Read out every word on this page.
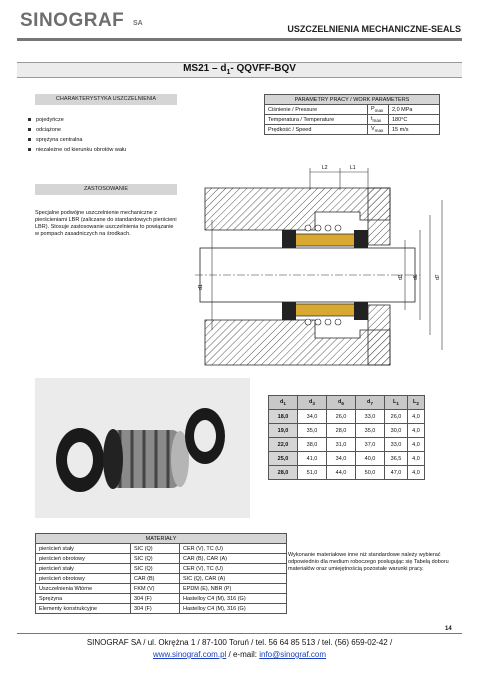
SINOGRAF SA
USZCZELNIENIA MECHANICZNE-SEALS
$MS21 - d_1-$ QQVFF-BQV
CHARAKTERYSTYKA USZCZELNIENIA
pojedyńcze
odciążone
sprężyna centralna
niezależne od kierunku obrotów wału
PARAMETRY PRACY / WORK PARAMETERS		
Ciśnienie / Pressure	$P_{max}$	2,0 MPa
Temperatura / Temperature	$t_{max}$	180°C
Prędkość / Speed	$V_{max}$	15 m/s
ZASTOSOWANIE
Specjalne podwójne uszczelnienie mechaniczne z pierścieniami LBR (zaliczane do standardowych pierścieni LBR). Stosuje zastosowanie uszczelnienia to powiązanie w pompach zasadniczych na środkach.
L2	L1
d1
d3 d6	d7
$d_1$	$d_3$	$d_6$	$d_7$	$L_1$	$L_2$
18,0	34,0	26,0	33,0	26,0	4,0
19,0	35,0	28,0	35,0	30,0	4,0
22,0	38,0	31,0	37,0	33,0	4,0
25,0	41,0	34,0	40,0	36,5	4,0
28,0	51,0	44,0	50,0	47,0	4,0
MATERIAŁY		
pierścień stały	SIC (Q)	CER (V), TC (U)
pierścień obrotowy	SIC (Q)	CAR (B), CAR (A)
pierścień stały	SIC (Q)	CER (V), TC (U)
pierścień obrotowy	CAR (B)	SIC (Q), CAR (A)
Uszczelnienia Wtórne	FKM (V)	EPDM (E), NBR (P)
Sprężyna	304 (F)	Hastelloy C4 (M), 316 (G)
Elementy konstrukcyjne	304 (F)	Hastelloy C4 (M), 316 (G)
Wykonanie materiałowe inne niż standardowe należy wybierać odpowiednio dla medium roboczego posługując się Tabelą doboru materiałów oraz umiejętnością pozostałe warunki pracy.
14
SINOGRAF SA / ul. Okrężna 1 / 87-100 Toruń / tel. 56 64 85 513 / tel. (56) 659-02-42 /
www.sinograf.com.pl / e-mail: info@sinograf.com
